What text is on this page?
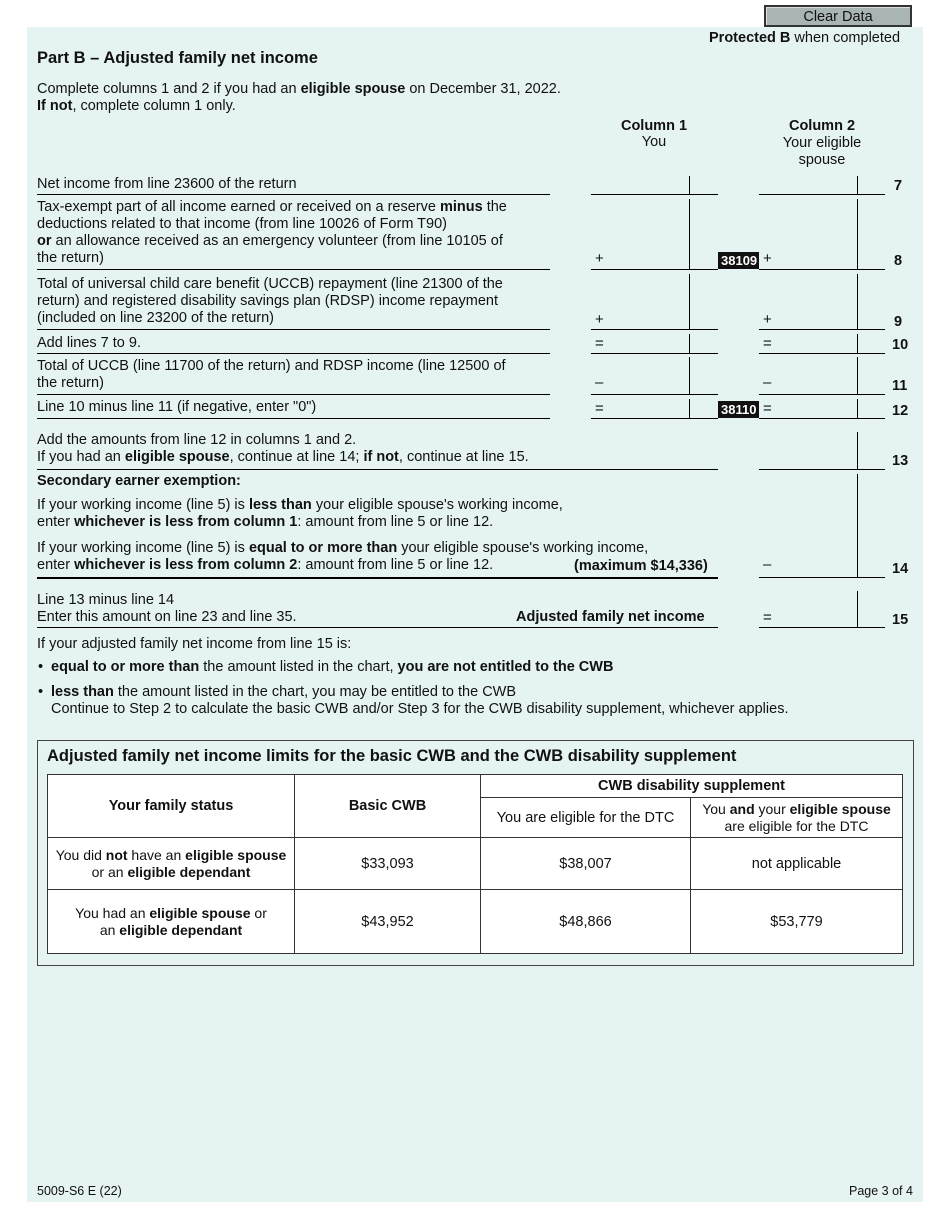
Clear Data
Protected B when completed
Part B – Adjusted family net income
Complete columns 1 and 2 if you had an eligible spouse on December 31, 2022.
If not, complete column 1 only.
Column 1
You
Column 2
Your eligible
spouse
Net income from line 23600 of the return	7
Tax-exempt part of all income earned or received on a reserve minus the
deductions related to that income (from line 10026 of Form T90)
or an allowance received as an emergency volunteer (from line 10105 of
the return)	+	38109 +	8
Total of universal child care benefit (UCCB) repayment (line 21300 of the
return) and registered disability savings plan (RDSP) income repayment
(included on line 23200 of the return)	+	+	9
Add lines 7 to 9.	=	=	10
Total of UCCB (line 11700 of the return) and RDSP income (line 12500 of
the return)	–	–	11
Line 10 minus line 11 (if negative, enter "0")	=	38110 =	12
Add the amounts from line 12 in columns 1 and 2.
If you had an eligible spouse, continue at line 14; if not, continue at line 15.	13
Secondary earner exemption:
If your working income (line 5) is less than your eligible spouse's working income,
enter whichever is less from column 1: amount from line 5 or line 12.
If your working income (line 5) is equal to or more than your eligible spouse's working income,
enter whichever is less from column 2: amount from line 5 or line 12.	(maximum $14,336)	–	14
Line 13 minus line 14
Enter this amount on line 23 and line 35.	Adjusted family net income	=	15
If your adjusted family net income from line 15 is:
• equal to or more than the amount listed in the chart, you are not entitled to the CWB
• less than the amount listed in the chart, you may be entitled to the CWB
Continue to Step 2 to calculate the basic CWB and/or Step 3 for the CWB disability supplement, whichever applies.
Adjusted family net income limits for the basic CWB and the CWB disability supplement
Your family status	Basic CWB	CWB disability supplement	
		You are eligible for the DTC	You and your eligible spouse
are eligible for the DTC

You did not have an eligible spouse
or an eligible dependant	$33,093	$38,007	not applicable

You had an eligible spouse or
an eligible dependant	$43,952	$48,866	$53,779
5009-S6 E (22)	Page 3 of 4
